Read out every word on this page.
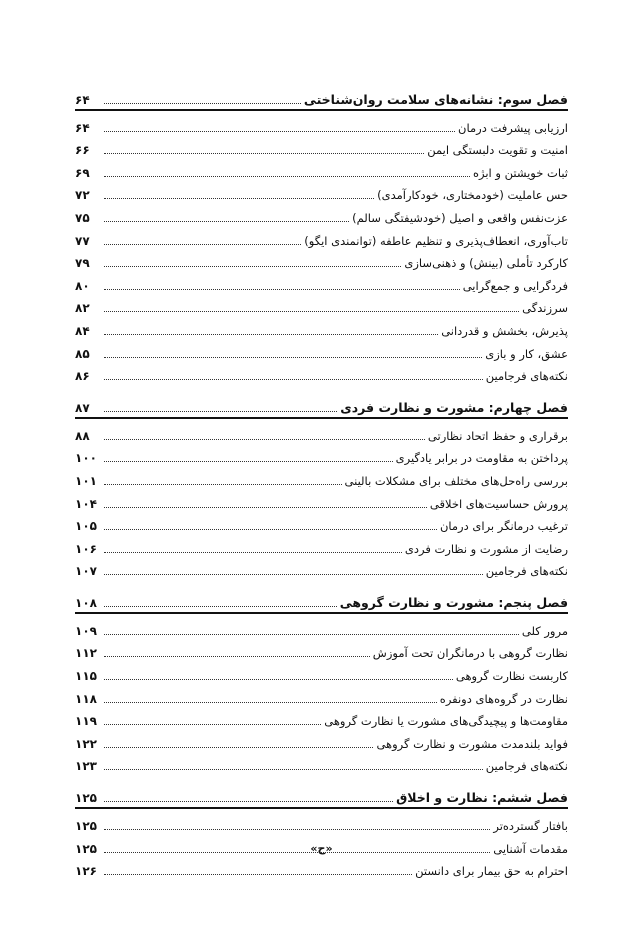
فصل سوم: نشانه‌های سلامت روان‌شناختی
۶۴
ارزیابی پیشرفت درمان
۶۴
امنیت و تقویت دلبستگی ایمن
۶۶
ثبات خویشتن و ابژه
۶۹
حس عاملیت (خودمختاری، خودکارآمدی)
۷۲
عزت‌نفس واقعی و اصیل (خودشیفتگی سالم)
۷۵
تاب‌آوری، انعطاف‌پذیری و تنظیم عاطفه (توانمندی ایگو)
۷۷
کارکرد تأملی (بینش) و ذهنی‌سازی
۷۹
فردگرایی و جمع‌گرایی
۸۰
سرزندگی
۸۲
پذیرش، بخشش و قدردانی
۸۴
عشق، کار و بازی
۸۵
نکته‌های فرجامین
۸۶
فصل چهارم: مشورت و نظارت فردی
۸۷
برقراری و حفظ اتحاد نظارتی
۸۸
پرداختن به مقاومت در برابر یادگیری
۱۰۰
بررسی راه‌حل‌های مختلف برای مشکلات بالینی
۱۰۱
پرورش حساسیت‌های اخلاقی
۱۰۴
ترغیب درمانگر برای درمان
۱۰۵
رضایت از مشورت و نظارت فردی
۱۰۶
نکته‌های فرجامین
۱۰۷
فصل پنجم: مشورت و نظارت گروهی
۱۰۸
مرور کلی
۱۰۹
نظارت گروهی با درمانگران تحت آموزش
۱۱۲
کاربست نظارت گروهی
۱۱۵
نظارت در گروه‌های دونفره
۱۱۸
مقاومت‌ها و پیچیدگی‌های مشورت یا نظارت گروهی
۱۱۹
فواید بلندمدت مشورت و نظارت گروهی
۱۲۲
نکته‌های فرجامین
۱۲۳
فصل ششم: نظارت و اخلاق
۱۲۵
بافتار گسترده‌تر
۱۲۵
مقدمات آشنایی
۱۲۵
احترام به حق بیمار برای دانستن
۱۲۶
«ح»
